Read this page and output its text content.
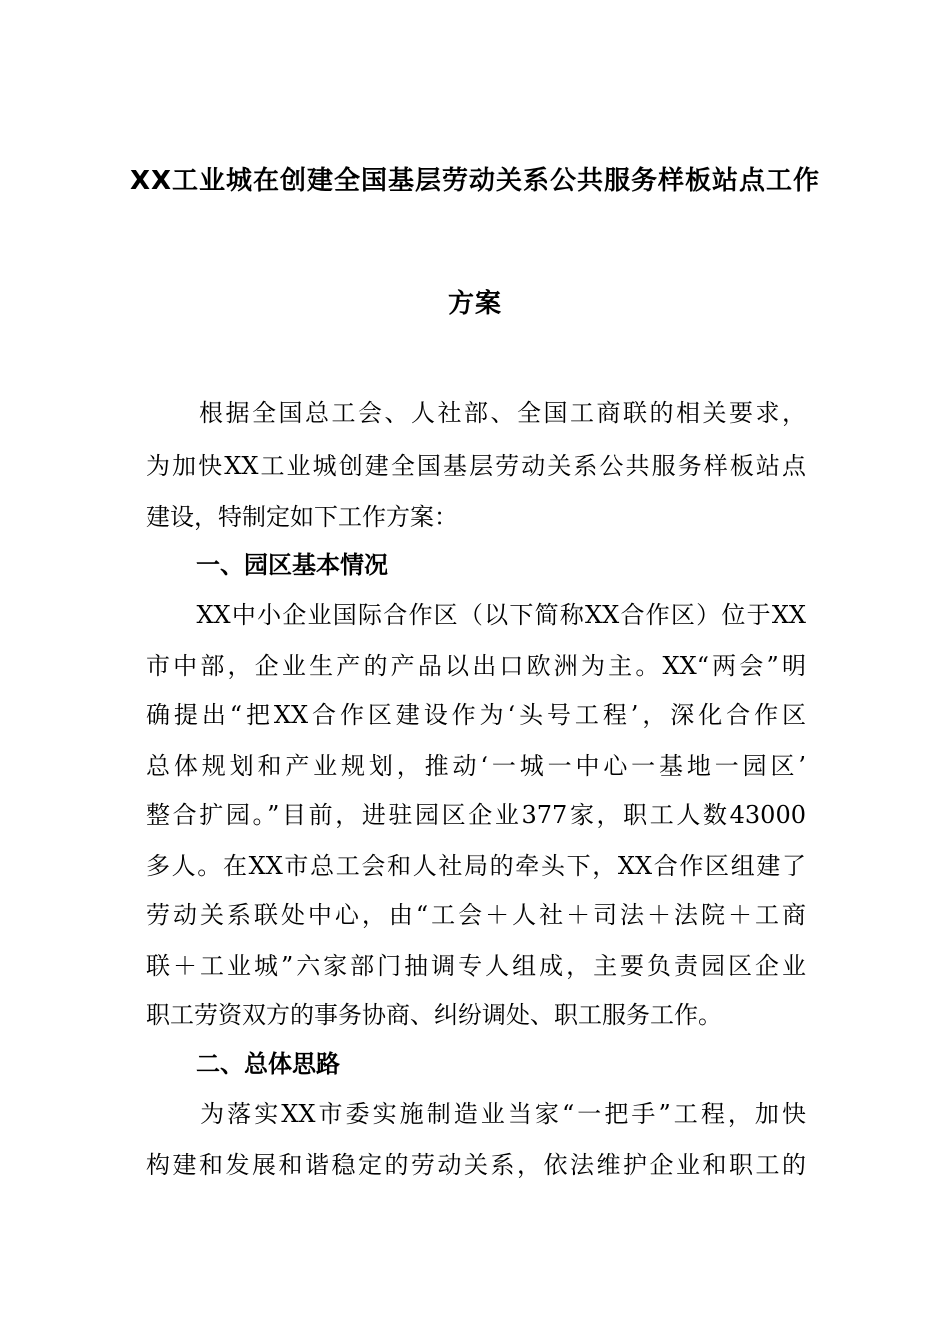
XX工业城在创建全国基层劳动关系公共服务样板站点工作
方案
　　根据全国总工会、人社部、全国工商联的相关要求，
为加快XX工业城创建全国基层劳动关系公共服务样板站点
建设，特制定如下工作方案：
一、园区基本情况
　　XX中小企业国际合作区（以下简称XX合作区）位于XX
市中部，企业生产的产品以出口欧洲为主。XX“两会”明
确提出“把XX合作区建设作为‘头号工程’，深化合作区
总体规划和产业规划，推动‘一城一中心一基地一园区’
整合扩园。”目前，进驻园区企业377家，职工人数43000
多人。在XX市总工会和人社局的牵头下，XX合作区组建了
劳动关系联处中心，由“工会＋人社＋司法＋法院＋工商
联＋工业城”六家部门抽调专人组成，主要负责园区企业
职工劳资双方的事务协商、纠纷调处、职工服务工作。
二、总体思路
　　为落实XX市委实施制造业当家“一把手”工程，加快
构建和发展和谐稳定的劳动关系，依法维护企业和职工的
